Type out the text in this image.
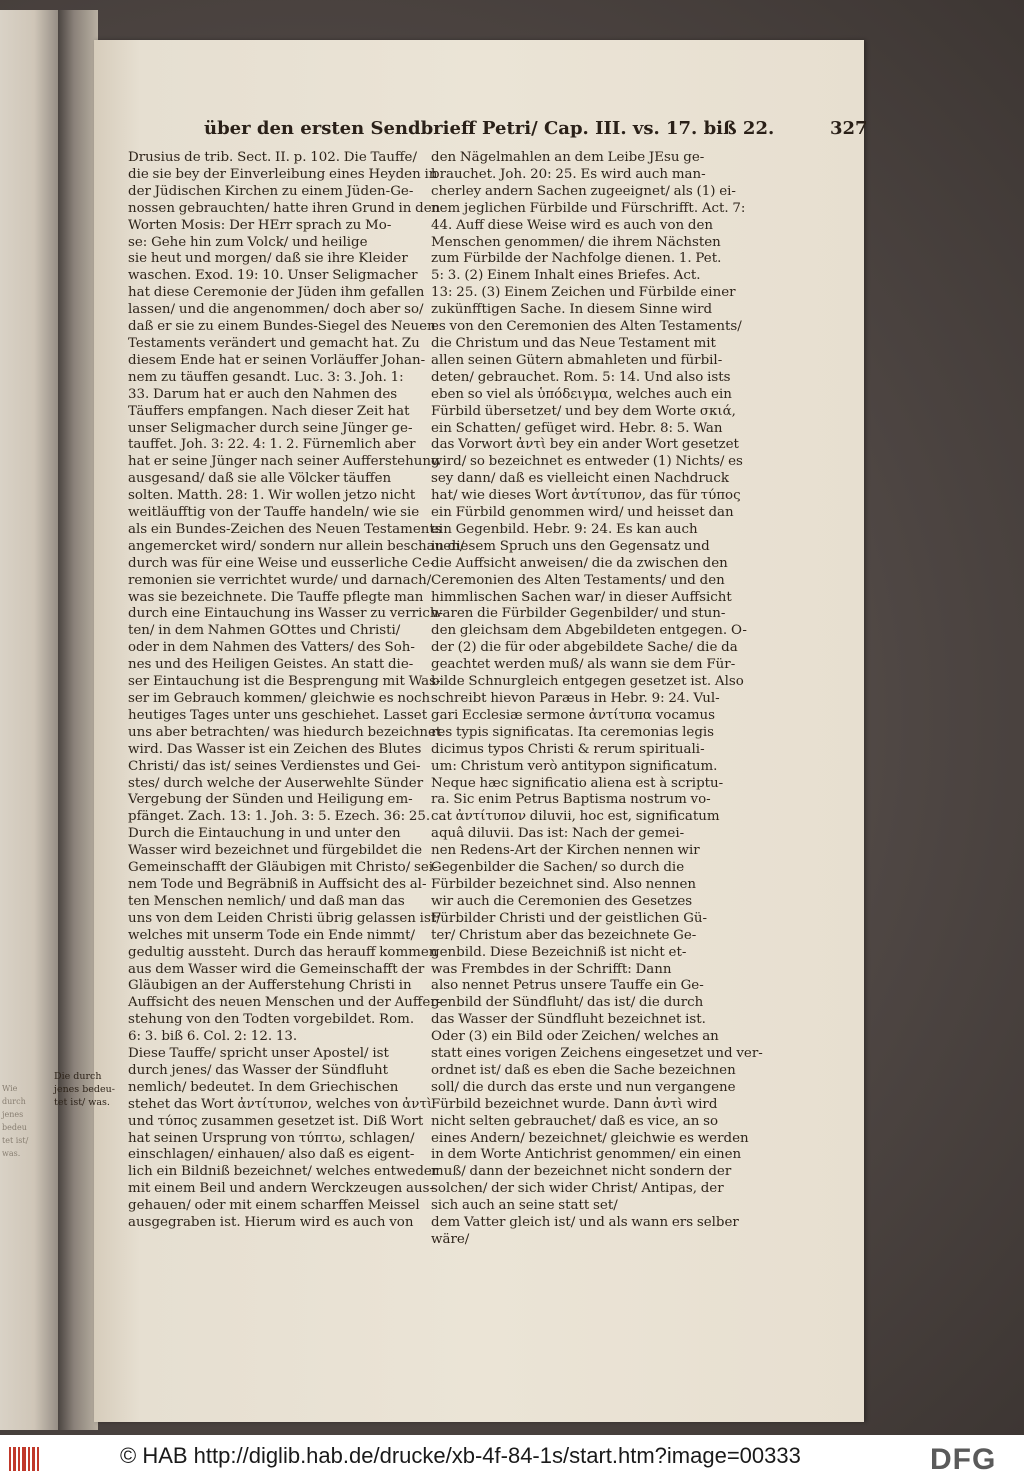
Wie durch
jenes bedeu
tet ist/ was.
über den ersten Sendbrieff Petri/ Cap. III. vs. 17. biß 22.	327
Die durch
jenes bedeu-
tet ist/ was.
Drusius de trib. Sect. II. p. 102. Die Tauffe/
die sie bey der Einverleibung eines Heyden in
der Jüdischen Kirchen zu einem Jüden-Ge-
nossen gebrauchten/ hatte ihren Grund in den
Worten Mosis: Der HErr sprach zu Mo-
se: Gehe hin zum Volck/ und heilige
sie heut und morgen/ daß sie ihre Kleider
waschen. Exod. 19: 10. Unser Seligmacher
hat diese Ceremonie der Jüden ihm gefallen
lassen/ und die angenommen/ doch aber so/
daß er sie zu einem Bundes-Siegel des Neuen
Testaments verändert und gemacht hat. Zu
diesem Ende hat er seinen Vorläuffer Johan-
nem zu täuffen gesandt. Luc. 3: 3. Joh. 1:
33. Darum hat er auch den Nahmen des
Täuffers empfangen. Nach dieser Zeit hat
unser Seligmacher durch seine Jünger ge-
tauffet. Joh. 3: 22. 4: 1. 2. Fürnemlich aber
hat er seine Jünger nach seiner Aufferstehung
ausgesand/ daß sie alle Völcker täuffen
solten. Matth. 28: 1. Wir wollen jetzo nicht
weitläufftig von der Tauffe handeln/ wie sie
als ein Bundes-Zeichen des Neuen Testaments
angemercket wird/ sondern nur allein beschauen/
durch was für eine Weise und eusserliche Ce-
remonien sie verrichtet wurde/ und darnach/
was sie bezeichnete. Die Tauffe pflegte man
durch eine Eintauchung ins Wasser zu verrich-
ten/ in dem Nahmen GOttes und Christi/
oder in dem Nahmen des Vatters/ des Soh-
nes und des Heiligen Geistes. An statt die-
ser Eintauchung ist die Besprengung mit Was-
ser im Gebrauch kommen/ gleichwie es noch
heutiges Tages unter uns geschiehet. Lasset
uns aber betrachten/ was hiedurch bezeichnet
wird. Das Wasser ist ein Zeichen des Blutes
Christi/ das ist/ seines Verdienstes und Gei-
stes/ durch welche der Auserwehlte Sünder
Vergebung der Sünden und Heiligung em-
pfänget. Zach. 13: 1. Joh. 3: 5. Ezech. 36: 25.
Durch die Eintauchung in und unter den
Wasser wird bezeichnet und fürgebildet die
Gemeinschafft der Gläubigen mit Christo/ sei-
nem Tode und Begräbniß in Auffsicht des al-
ten Menschen nemlich/ und daß man das
uns von dem Leiden Christi übrig gelassen ist/
welches mit unserm Tode ein Ende nimmt/
gedultig aussteht. Durch das herauff kommen
aus dem Wasser wird die Gemeinschafft der
Gläubigen an der Aufferstehung Christi in
Auffsicht des neuen Menschen und der Auffer-
stehung von den Todten vorgebildet. Rom.
6: 3. biß 6. Col. 2: 12. 13.
Diese Tauffe/ spricht unser Apostel/ ist
durch jenes/ das Wasser der Sündfluht
nemlich/ bedeutet. In dem Griechischen
stehet das Wort ἀντίτυπον, welches von ἀντὶ
und τύπος zusammen gesetzet ist. Diß Wort
hat seinen Ursprung von τύπτω, schlagen/
einschlagen/ einhauen/ also daß es eigent-
lich ein Bildniß bezeichnet/ welches entweder
mit einem Beil und andern Werckzeugen aus-
gehauen/ oder mit einem scharffen Meissel
ausgegraben ist. Hierum wird es auch von
den Nägelmahlen an dem Leibe JEsu ge-
brauchet. Joh. 20: 25. Es wird auch man-
cherley andern Sachen zugeeignet/ als (1) ei-
nem jeglichen Fürbilde und Fürschrifft. Act. 7:
44. Auff diese Weise wird es auch von den
Menschen genommen/ die ihrem Nächsten
zum Fürbilde der Nachfolge dienen. 1. Pet.
5: 3. (2) Einem Inhalt eines Briefes. Act.
13: 25. (3) Einem Zeichen und Fürbilde einer
zukünfftigen Sache. In diesem Sinne wird
es von den Ceremonien des Alten Testaments/
die Christum und das Neue Testament mit
allen seinen Gütern abmahleten und fürbil-
deten/ gebrauchet. Rom. 5: 14. Und also ists
eben so viel als ὑπόδειγμα, welches auch ein
Fürbild übersetzet/ und bey dem Worte σκιά,
ein Schatten/ gefüget wird. Hebr. 8: 5. Wan
das Vorwort ἀντὶ bey ein ander Wort gesetzet
wird/ so bezeichnet es entweder (1) Nichts/ es
sey dann/ daß es vielleicht einen Nachdruck
hat/ wie dieses Wort ἀντίτυπον, das für τύπος
ein Fürbild genommen wird/ und heisset dan
ein Gegenbild. Hebr. 9: 24. Es kan auch
in diesem Spruch uns den Gegensatz und
die Auffsicht anweisen/ die da zwischen den
Ceremonien des Alten Testaments/ und den
himmlischen Sachen war/ in dieser Auffsicht
waren die Fürbilder Gegenbilder/ und stun-
den gleichsam dem Abgebildeten entgegen. O-
der (2) die für oder abgebildete Sache/ die da
geachtet werden muß/ als wann sie dem Für-
bilde Schnurgleich entgegen gesetzet ist. Also
schreibt hievon Paræus in Hebr. 9: 24. Vul-
gari Ecclesiæ sermone ἀντίτυπα vocamus
res typis significatas. Ita ceremonias legis
dicimus typos Christi & rerum spirituali-
um: Christum verò antitypon significatum.
Neque hæc significatio aliena est à scriptu-
ra. Sic enim Petrus Baptisma nostrum vo-
cat ἀντίτυπον diluvii, hoc est, significatum
aquâ diluvii. Das ist: Nach der gemei-
nen Redens-Art der Kirchen nennen wir
Gegenbilder die Sachen/ so durch die
Fürbilder bezeichnet sind. Also nennen
wir auch die Ceremonien des Gesetzes
Fürbilder Christi und der geistlichen Gü-
ter/ Christum aber das bezeichnete Ge-
genbild. Diese Bezeichniß ist nicht et-
was Frembdes in der Schrifft: Dann
also nennet Petrus unsere Tauffe ein Ge-
genbild der Sündfluht/ das ist/ die durch
das Wasser der Sündfluht bezeichnet ist.
Oder (3) ein Bild oder Zeichen/ welches an
statt eines vorigen Zeichens eingesetzet und ver-
ordnet ist/ daß es eben die Sache bezeichnen
soll/ die durch das erste und nun vergangene
Fürbild bezeichnet wurde. Dann ἀντὶ wird
nicht selten gebrauchet/ daß es vice, an so
eines Andern/ bezeichnet/ gleichwie es werden
in dem Worte Antichrist genommen/ ein einen
muß/ dann der bezeichnet nicht sondern der
solchen/ der sich wider Christ/ Antipas, der
sich auch an seine statt set/
dem Vatter gleich ist/ und als wann ers selber
wäre/
© HAB http://diglib.hab.de/drucke/xb-4f-84-1s/start.htm?image=00333	DFG
